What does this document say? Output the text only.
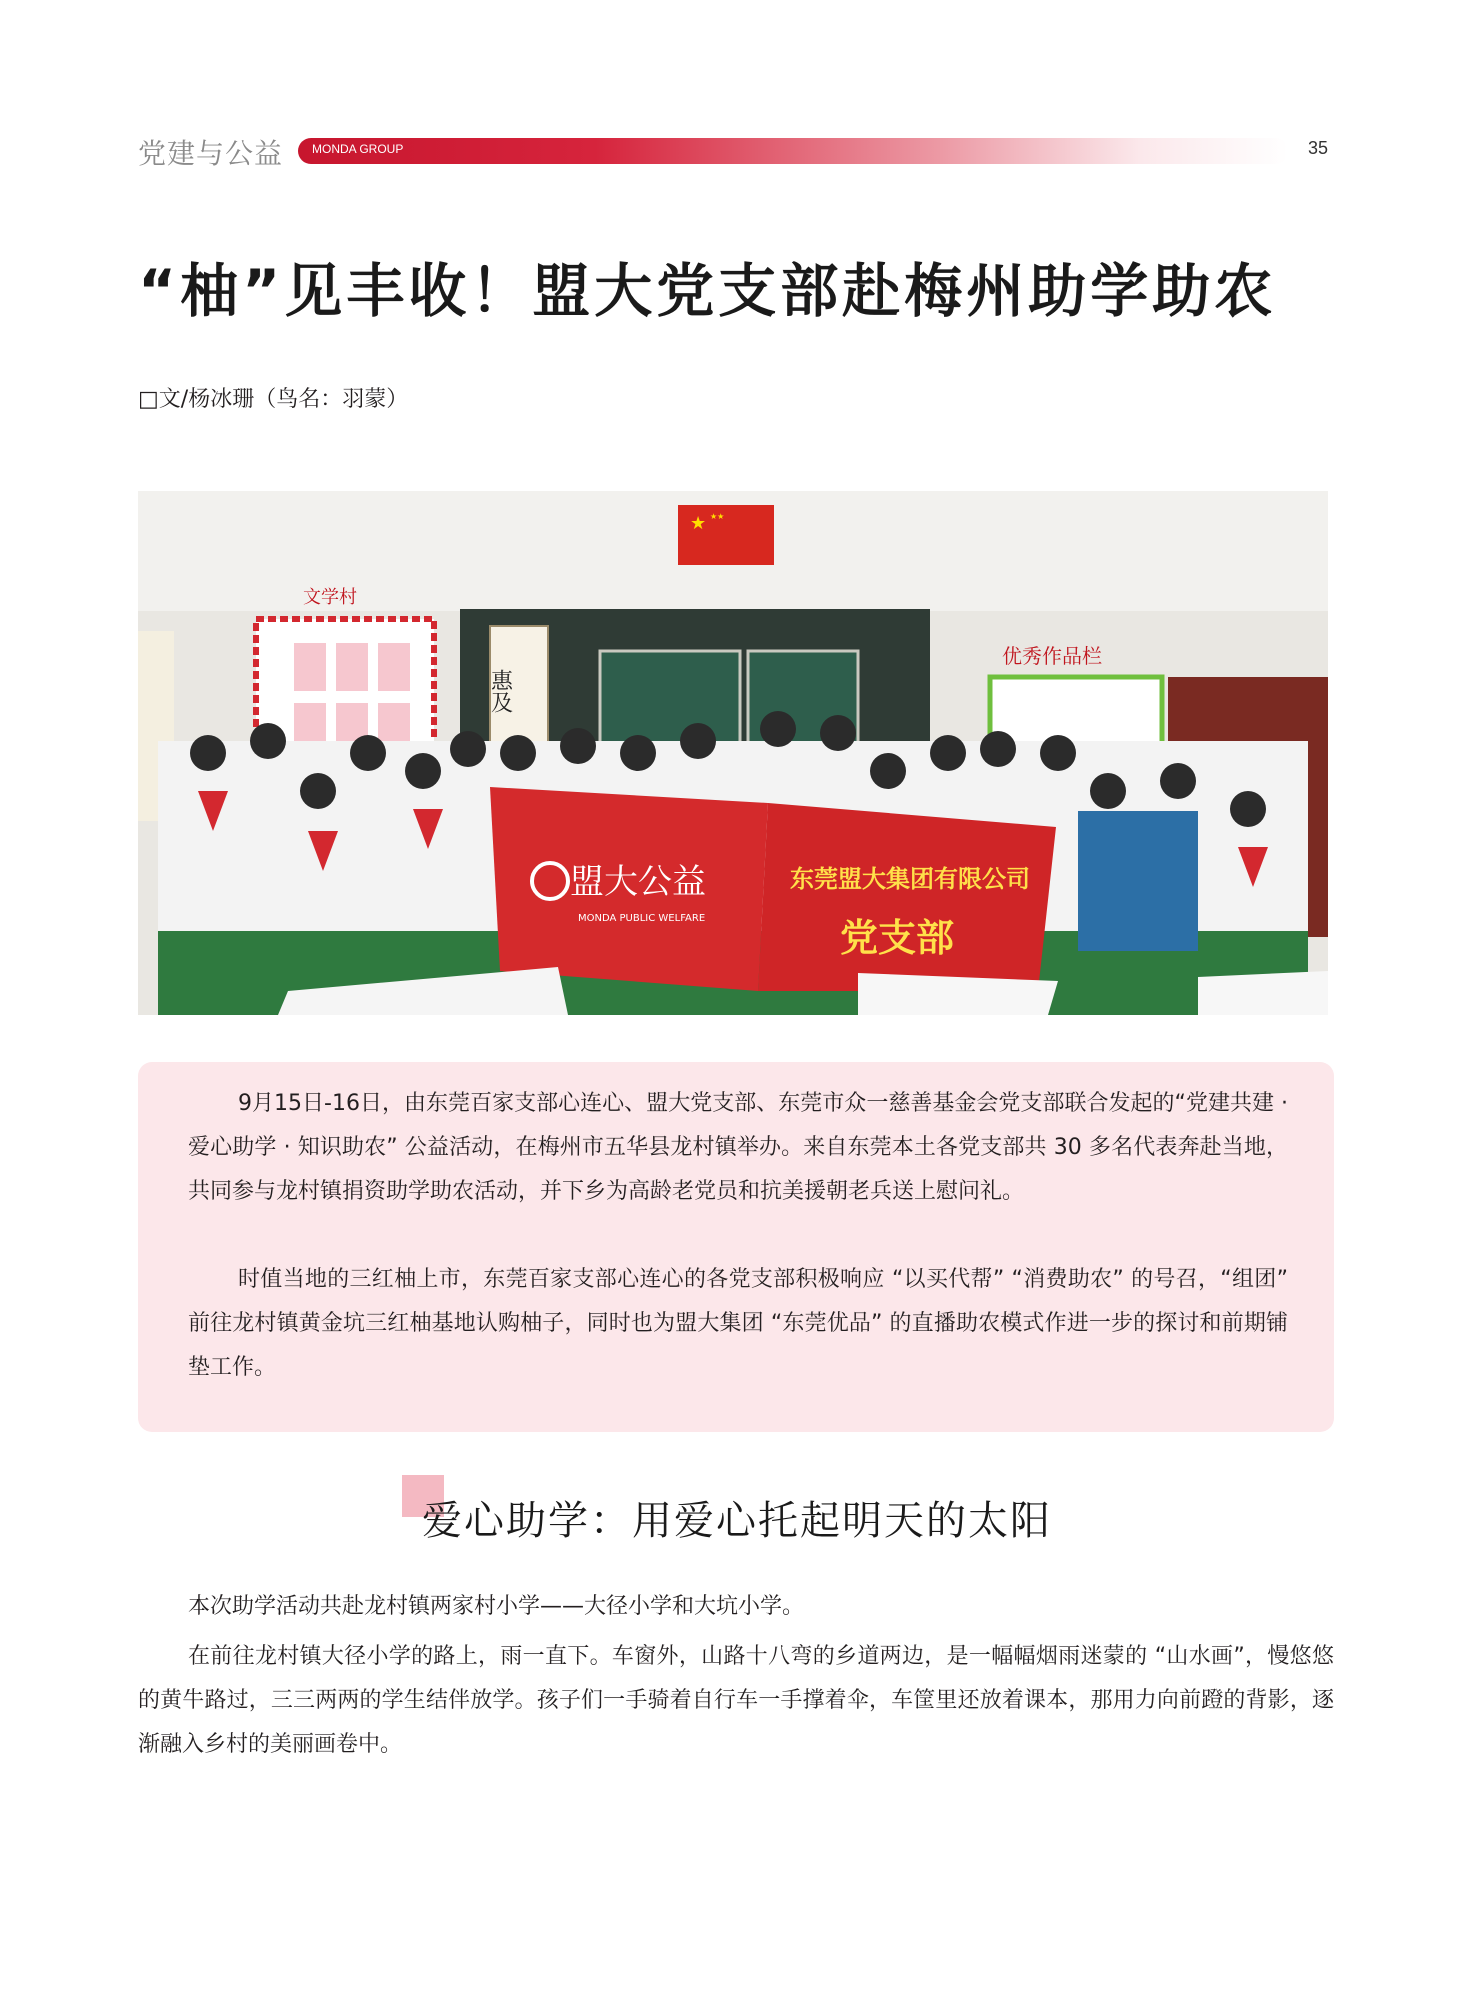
党建与公益 MONDA GROUP	35
“柚”见丰收！盟大党支部赴梅州助学助农
□文/杨冰珊（鸟名：羽蒙）
★ ★★
文学村
惠及
优秀作品栏
盟大公益
MONDA PUBLIC WELFARE
东莞盟大集团有限公司
党支部

9月15日-16日，由东莞百家支部心连心、盟大党支部、东莞市众一慈善基金会党支部联合发起的“党建共建 · 爱心助学 · 知识助农” 公益活动，在梅州市五华县龙村镇举办。来自东莞本土各党支部共 30 多名代表奔赴当地，共同参与龙村镇捐资助学助农活动，并下乡为高龄老党员和抗美援朝老兵送上慰问礼。

时值当地的三红柚上市，东莞百家支部心连心的各党支部积极响应 “以买代帮” “消费助农” 的号召，“组团” 前往龙村镇黄金坑三红柚基地认购柚子，同时也为盟大集团 “东莞优品” 的直播助农模式作进一步的探讨和前期铺垫工作。

爱心助学：用爱心托起明天的太阳

本次助学活动共赴龙村镇两家村小学——大径小学和大坑小学。

在前往龙村镇大径小学的路上，雨一直下。车窗外，山路十八弯的乡道两边，是一幅幅烟雨迷蒙的 “山水画”，慢悠悠的黄牛路过，三三两两的学生结伴放学。孩子们一手骑着自行车一手撑着伞，车筐里还放着课本，那用力向前蹬的背影，逐渐融入乡村的美丽画卷中。
